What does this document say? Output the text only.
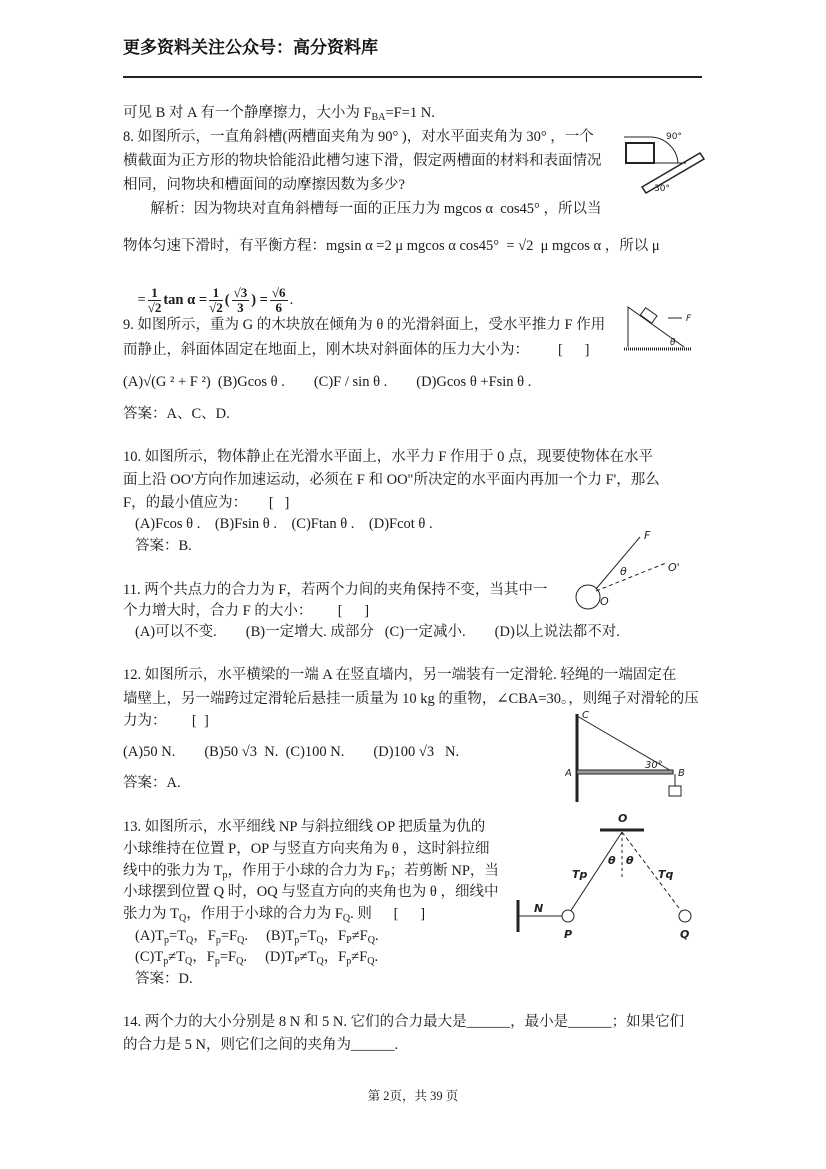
更多资料关注公众号：高分资料库
可见 B 对 A 有一个静摩擦力，大小为 $F_{BA}=F=1$ N.
8. 如图所示，一直角斜槽(两槽面夹角为 90° )，对水平面夹角为 30° ，一个
横截面为正方形的物块恰能沿此槽匀速下滑，假定两槽面的材料和表面情况
相同，问物块和槽面间的动摩擦因数为多少?
解析：因为物块对直角斜槽每一面的正压力为 mgcos α  cos45° ，所以当
物体匀速下滑时，有平衡方程：mgsin α =2 μ mgcos α cos45°  = √2  μ mgcos α ，所以 μ
9. 如图所示，重为 G 的木块放在倾角为 θ 的光滑斜面上，受水平推力 F 作用
而静止，斜面体固定在地面上，刚木块对斜面体的压力大小为：        [      ]
(A)√(G ² + F ²)  (B)Gcos θ .        (C)F / sin θ .        (D)Gcos θ +Fsin θ .
答案：A、C、D.
10. 如图所示，物体静止在光滑水平面上，水平力 F 作用于 0 点，现要使物体在水平
面上沿 OO'方向作加速运动，必须在 F 和 OO"所决定的水平面内再加一个力 F'，那么
F，的最小值应为：      [   ]
(A)Fcos θ .    (B)Fsin θ .    (C)Ftan θ .    (D)Fcot θ .
答案：B.
11. 两个共点力的合力为 F，若两个力间的夹角保持不变，当其中一
个力增大时，合力 F 的大小：       [      ]
(A)可以不变.        (B)一定增大. 成部分   (C)一定减小.        (D)以上说法都不对.
12. 如图所示，水平横梁的一端 A 在竖直墙内，另一端装有一定滑轮. 轻绳的一端固定在
墙壁上，另一端跨过定滑轮后悬挂一质量为 10 kg 的重物，∠CBA=30。，则绳子对滑轮的压
力为：       [  ]
(A)50 N.        (B)50 √3  N.  (C)100 N.        (D)100 √3   N.
答案：A.
13. 如图所示，水平细线 NP 与斜拉细线 OP 把质量为仇的
小球维持在位置 P，OP 与竖直方向夹角为 θ ，这时斜拉细
线中的张力为 $T_p$，作用于小球的合力为 $F_P$；若剪断 NP，当
小球摆到位置 Q 时，OQ 与竖直方向的夹角也为 θ ，细线中
张力为 $T_Q$，作用于小球的合力为 $F_Q$. 则      [      ]
$(A)T_p=T_Q$，$F_p=F_Q$.     $(B)T_p=T_Q$，$F_P\ne F_Q$.
$(C)T_p\ne T_Q$，$F_p=F_Q$.     $(D)T_P\ne T_Q$，$F_p\ne F_Q$.
答案：D.
14. 两个力的大小分别是 8 N 和 5 N. 它们的合力最大是______，最小是______；如果它们
的合力是 5 N，则它们之间的夹角为______.

= $\frac{1}{√2}$ $\tan \alpha = \frac{1}{√2}$ ( $\frac{√3}{3}$ ) = $\frac{√6}{6}$ .

90°
30°
F
θ
F
O
O'
θ
C
A	B
30°
O
N
P	Q
Tp	Tq
θ θ
第 2页，共 39 页
